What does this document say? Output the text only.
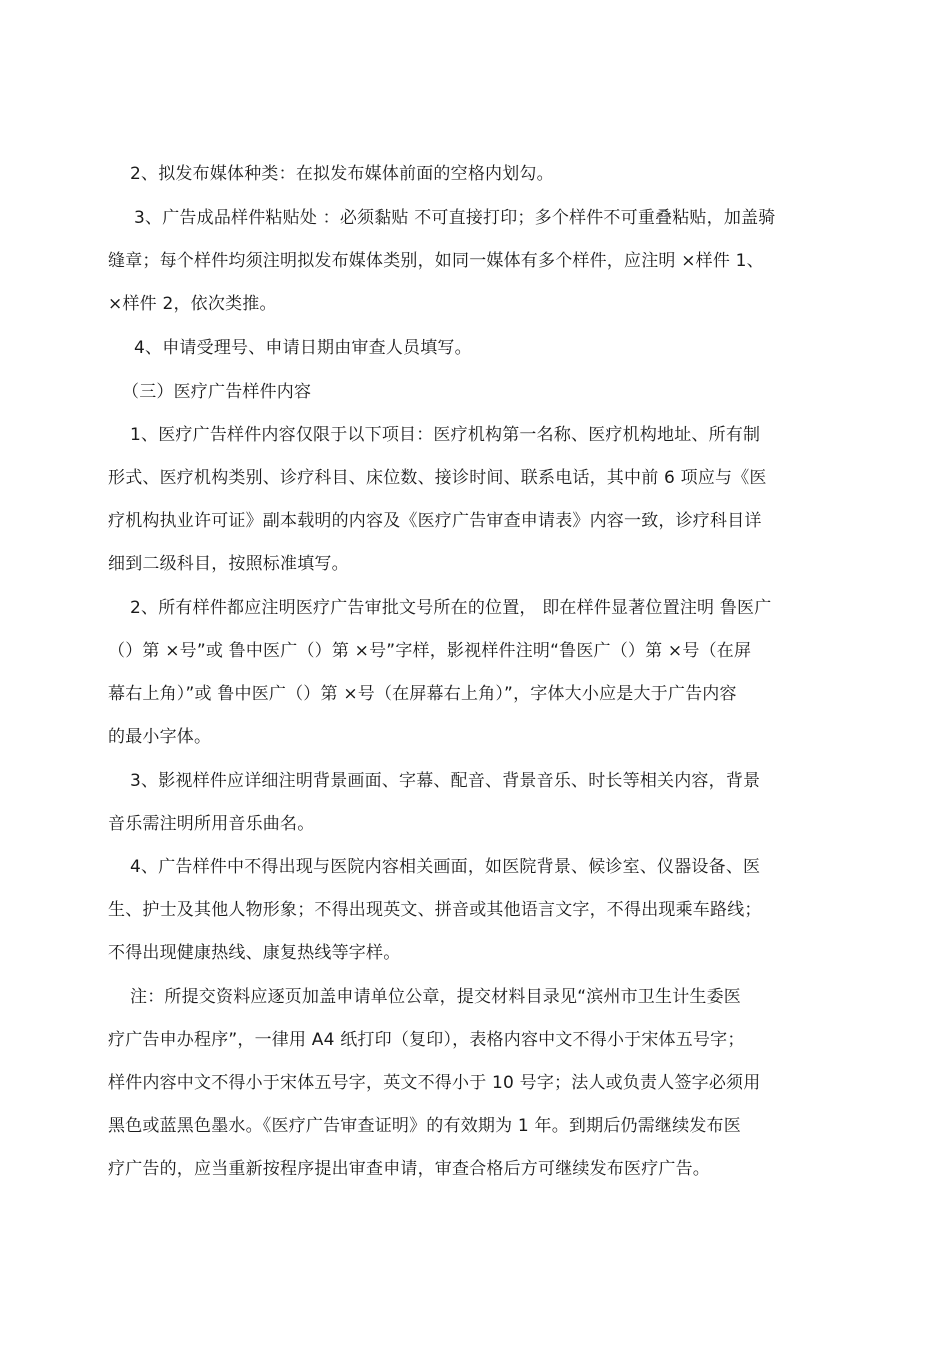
2、拟发布媒体种类：在拟发布媒体前面的空格内划勾。
3、广告成品样件粘贴处 ：必须黏贴 不可直接打印；多个样件不可重叠粘贴，加盖骑
缝章；每个样件均须注明拟发布媒体类别，如同一媒体有多个样件，应注明 ×样件 1、
×样件 2，依次类推。
4、申请受理号、申请日期由审查人员填写。
（三）医疗广告样件内容
1、医疗广告样件内容仅限于以下项目：医疗机构第一名称、医疗机构地址、所有制
形式、医疗机构类别、诊疗科目、床位数、接诊时间、联系电话，其中前 6 项应与《医
疗机构执业许可证》副本载明的内容及《医疗广告审查申请表》内容一致，诊疗科目详
细到二级科目，按照标准填写。
2、所有样件都应注明医疗广告审批文号所在的位置， 即在样件显著位置注明 鲁医广
（）第 ×号”或 鲁中医广（）第 ×号”字样，影视样件注明“鲁医广（）第 ×号（在屏
幕右上角）”或 鲁中医广（）第 ×号（在屏幕右上角）”，字体大小应是大于广告内容
的最小字体。
3、影视样件应详细注明背景画面、字幕、配音、背景音乐、时长等相关内容，背景
音乐需注明所用音乐曲名。
4、广告样件中不得出现与医院内容相关画面，如医院背景、候诊室、仪器设备、医
生、护士及其他人物形象；不得出现英文、拼音或其他语言文字，不得出现乘车路线；
不得出现健康热线、康复热线等字样。
注：所提交资料应逐页加盖申请单位公章，提交材料目录见“滨州市卫生计生委医
疗广告申办程序”，一律用 A4 纸打印（复印），表格内容中文不得小于宋体五号字；
样件内容中文不得小于宋体五号字，英文不得小于 10 号字；法人或负责人签字必须用
黑色或蓝黑色墨水。《医疗广告审查证明》的有效期为 1 年。到期后仍需继续发布医
疗广告的，应当重新按程序提出审查申请，审查合格后方可继续发布医疗广告。
